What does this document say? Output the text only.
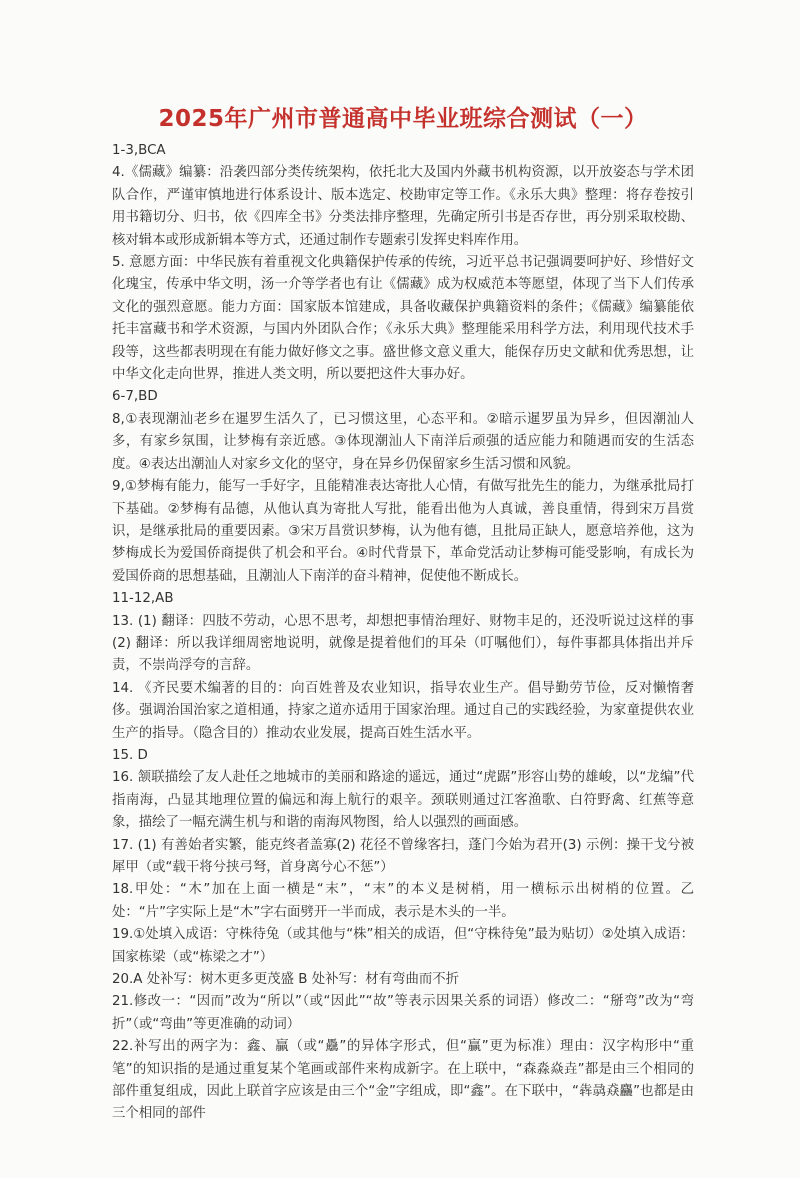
2025年广州市普通高中毕业班综合测试（一）

1-3,BCA

4.《儒藏》编纂：沿袭四部分类传统架构，依托北大及国内外藏书机构资源，以开放姿态与学术团队合作，严谨审慎地进行体系设计、版本选定、校勘审定等工作。《永乐大典》整理：将存卷按引用书籍切分、归书，依《四库全书》分类法排序整理，先确定所引书是否存世，再分别采取校勘、核对辑本或形成新辑本等方式，还通过制作专题索引发挥史料库作用。

5. 意愿方面：中华民族有着重视文化典籍保护传承的传统，习近平总书记强调要呵护好、珍惜好文化瑰宝，传承中华文明，汤一介等学者也有让《儒藏》成为权威范本等愿望，体现了当下人们传承文化的强烈意愿。能力方面：国家版本馆建成，具备收藏保护典籍资料的条件；《儒藏》编纂能依托丰富藏书和学术资源，与国内外团队合作；《永乐大典》整理能采用科学方法，利用现代技术手段等，这些都表明现在有能力做好修文之事。盛世修文意义重大，能保存历史文献和优秀思想，让中华文化走向世界，推进人类文明，所以要把这件大事办好。

6-7,BD

8,①表现潮汕老乡在暹罗生活久了，已习惯这里，心态平和。②暗示暹罗虽为异乡，但因潮汕人多，有家乡氛围，让梦梅有亲近感。③体现潮汕人下南洋后顽强的适应能力和随遇而安的生活态度。④表达出潮汕人对家乡文化的坚守，身在异乡仍保留家乡生活习惯和风貌。

9,①梦梅有能力，能写一手好字，且能精准表达寄批人心情，有做写批先生的能力，为继承批局打下基础。②梦梅有品德，从他认真为寄批人写批，能看出他为人真诚，善良重情，得到宋万昌赏识，是继承批局的重要因素。③宋万昌赏识梦梅，认为他有德，且批局正缺人，愿意培养他，这为梦梅成长为爱国侨商提供了机会和平台。④时代背景下，革命党活动让梦梅可能受影响，有成长为爱国侨商的思想基础，且潮汕人下南洋的奋斗精神，促使他不断成长。

11-12,AB

13. (1) 翻译：四肢不劳动，心思不思考，却想把事情治理好、财物丰足的，还没听说过这样的事(2) 翻译：所以我详细周密地说明，就像是提着他们的耳朵（叮嘱他们），每件事都具体指出并斥责，不崇尚浮夸的言辞。

14. 《齐民要术编著的目的：向百姓普及农业知识，指导农业生产。倡导勤劳节俭，反对懒惰奢侈。强调治国治家之道相通，持家之道亦适用于国家治理。通过自己的实践经验，为家童提供农业生产的指导。（隐含目的）推动农业发展，提高百姓生活水平。

15. D

16. 颔联描绘了友人赴任之地城市的美丽和路途的遥远，通过“虎踞”形容山势的雄峻，以“龙编”代指南海，凸显其地理位置的偏远和海上航行的艰辛。颈联则通过江客渔歌、白符野禽、红蕉等意象，描绘了一幅充满生机与和谐的南海风物图，给人以强烈的画面感。

17. (1) 有善始者实繁，能克终者盖寡(2) 花径不曾缘客扫，蓬门今始为君开(3) 示例：操干戈兮被犀甲（或“载干将兮挟弓弩，首身离兮心不惩”）

18.甲处：“木”加在上面一横是“末”，“末”的本义是树梢，用一横标示出树梢的位置。乙处：“片”字实际上是“木”字右面劈开一半而成，表示是木头的一半。

19.①处填入成语：守株待兔（或其他与“株”相关的成语，但“守株待兔”最为贴切）②处填入成语：国家栋梁（或“栋梁之才”）

20.A 处补写：树木更多更茂盛 B 处补写：材有弯曲而不折

21.修改一：“因而”改为“所以”（或“因此”“故”等表示因果关系的词语）修改二：“掰弯”改为“弯折”（或“弯曲”等更准确的动词）

22.补写出的两字为：鑫、贏（或“驫”的异体字形式，但“贏”更为标准）理由：汉字构形中“重笔”的知识指的是通过重复某个笔画或部件来构成新字。在上联中，“森淼焱垚”都是由三个相同的部件重复组成，因此上联首字应该是由三个“金”字组成，即“鑫”。在下联中，“犇骉猋麤”也都是由三个相同的部件
